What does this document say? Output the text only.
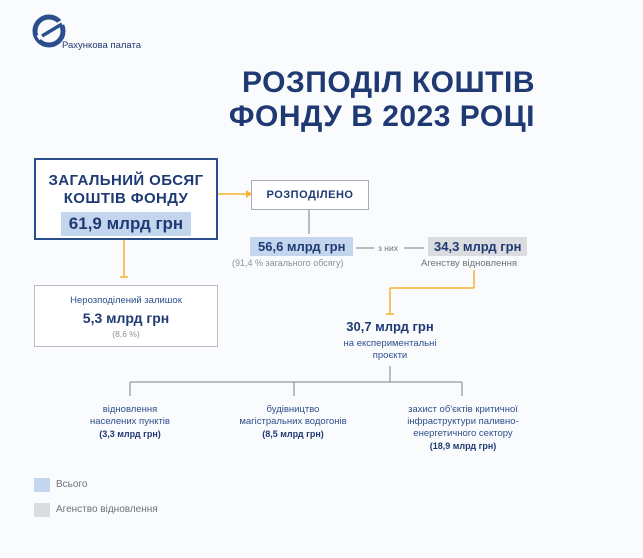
Рахункова палата
РОЗПОДІЛ КОШТІВ
ФОНДУ В 2023 РОЦІ
ЗАГАЛЬНИЙ ОБСЯГ
КОШТІВ ФОНДУ
61,9 млрд грн
РОЗПОДІЛЕНО
56,6 млрд грн
(91,4 % загального обсягу)
з них	34,3 млрд грн
Агенству відновлення
Нерозподілений залишок
5,3 млрд грн
(8,6 %)	30,7 млрд грн
на експериментальні
проєкти
відновлення
населених пунктів
(3,3 млрд грн)
будівництво
магістральних водогонів
(8,5 млрд грн)
захист об'єктів критичної
інфраструктури паливно-
енергетичного сектору
(18,9 млрд грн)
Всього
Агенство відновлення
